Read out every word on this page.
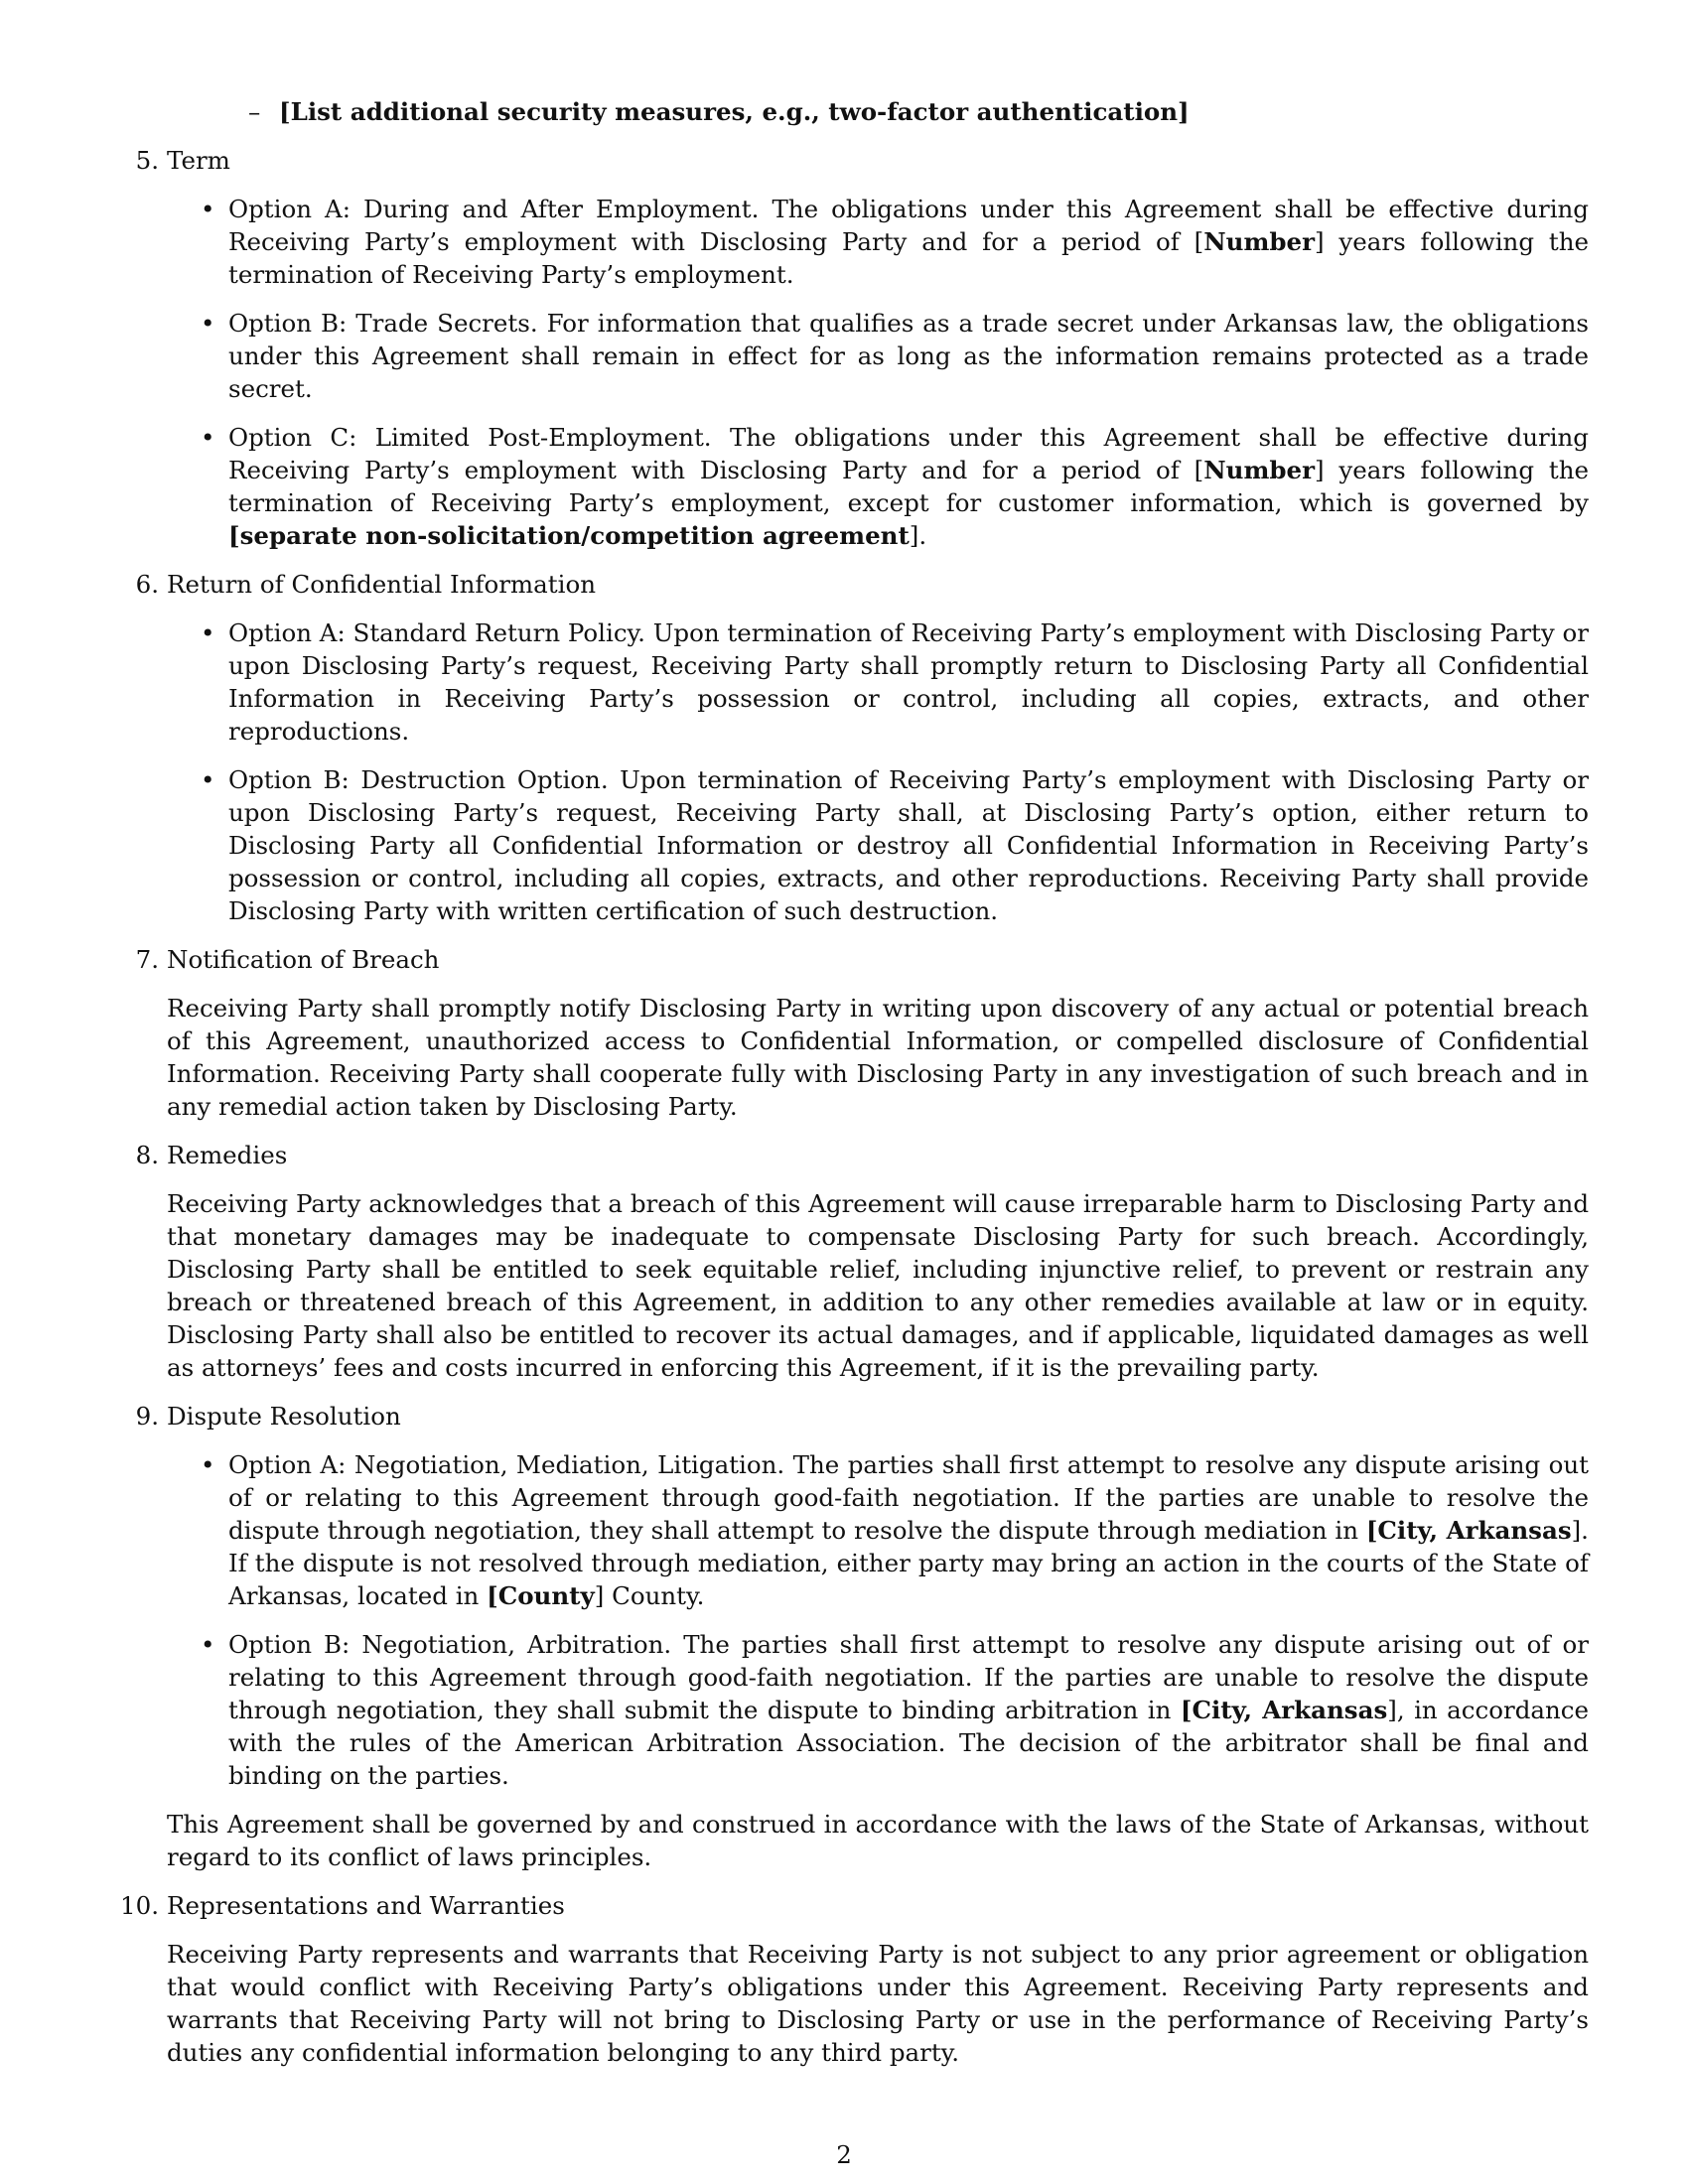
– [List additional security measures, e.g., two-factor authentication]

5. Term

• Option A: During and After Employment. The obligations under this Agreement shall be effective during Receiving Party’s employment with Disclosing Party and for a period of [Number] years following the termination of Receiving Party’s employment.

• Option B: Trade Secrets. For information that qualifies as a trade secret under Arkansas law, the obligations under this Agreement shall remain in effect for as long as the information remains protected as a trade secret.

• Option C: Limited Post-Employment. The obligations under this Agreement shall be effective during Receiving Party’s employment with Disclosing Party and for a period of [Number] years following the termination of Receiving Party’s employment, except for customer information, which is governed by [separate non-solicitation/competition agreement].

6. Return of Confidential Information

• Option A: Standard Return Policy. Upon termination of Receiving Party’s employment with Disclosing Party or upon Disclosing Party’s request, Receiving Party shall promptly return to Disclosing Party all Confidential Information in Receiving Party’s possession or control, including all copies, extracts, and other reproductions.

• Option B: Destruction Option. Upon termination of Receiving Party’s employment with Disclosing Party or upon Disclosing Party’s request, Receiving Party shall, at Disclosing Party’s option, either return to Disclosing Party all Confidential Information or destroy all Confidential Information in Receiving Party’s possession or control, including all copies, extracts, and other reproductions. Receiving Party shall provide Disclosing Party with written certification of such destruction.

7. Notification of Breach

Receiving Party shall promptly notify Disclosing Party in writing upon discovery of any actual or potential breach of this Agreement, unauthorized access to Confidential Information, or compelled disclosure of Confidential Information. Receiving Party shall cooperate fully with Disclosing Party in any investigation of such breach and in any remedial action taken by Disclosing Party.

8. Remedies

Receiving Party acknowledges that a breach of this Agreement will cause irreparable harm to Disclosing Party and that monetary damages may be inadequate to compensate Disclosing Party for such breach. Accordingly, Disclosing Party shall be entitled to seek equitable relief, including injunctive relief, to prevent or restrain any breach or threatened breach of this Agreement, in addition to any other remedies available at law or in equity. Disclosing Party shall also be entitled to recover its actual damages, and if applicable, liquidated damages as well as attorneys’ fees and costs incurred in enforcing this Agreement, if it is the prevailing party.

9. Dispute Resolution

• Option A: Negotiation, Mediation, Litigation. The parties shall first attempt to resolve any dispute arising out of or relating to this Agreement through good-faith negotiation. If the parties are unable to resolve the dispute through negotiation, they shall attempt to resolve the dispute through mediation in [City, Arkansas]. If the dispute is not resolved through mediation, either party may bring an action in the courts of the State of Arkansas, located in [County] County.

• Option B: Negotiation, Arbitration. The parties shall first attempt to resolve any dispute arising out of or relating to this Agreement through good-faith negotiation. If the parties are unable to resolve the dispute through negotiation, they shall submit the dispute to binding arbitration in [City, Arkansas], in accordance with the rules of the American Arbitration Association. The decision of the arbitrator shall be final and binding on the parties.

This Agreement shall be governed by and construed in accordance with the laws of the State of Arkansas, without regard to its conflict of laws principles.

10. Representations and Warranties

Receiving Party represents and warrants that Receiving Party is not subject to any prior agreement or obligation that would conflict with Receiving Party’s obligations under this Agreement. Receiving Party represents and warrants that Receiving Party will not bring to Disclosing Party or use in the performance of Receiving Party’s duties any confidential information belonging to any third party.

2
